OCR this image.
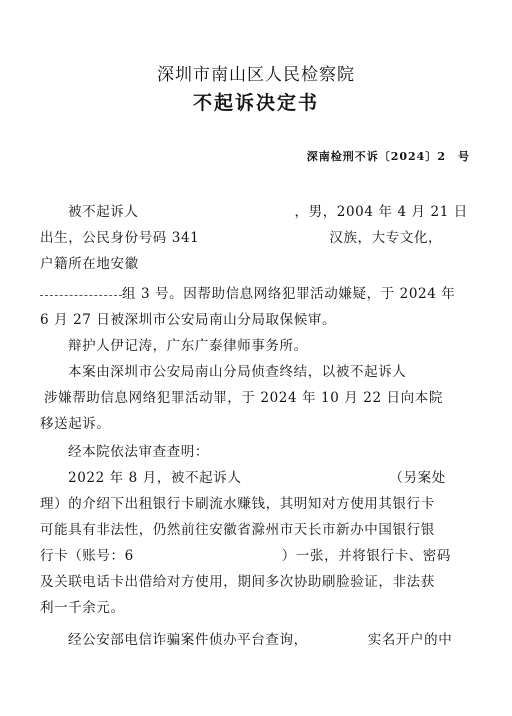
深圳市南山区人民检察院
不起诉决定书
深南检刑不诉〔2024〕2　号
被不起诉人	，男，2004 年 4 月 21 日
出生，公民身份号码 341	汉族，大专文化，
户籍所在地安徽
组 3 号。因帮助信息网络犯罪活动嫌疑，于 2024 年
6 月 27 日被深圳市公安局南山分局取保候审。
辩护人伊记涛，广东广泰律师事务所。
本案由深圳市公安局南山分局侦查终结，以被不起诉人
涉嫌帮助信息网络犯罪活动罪，于 2024 年 10 月 22 日向本院
移送起诉。
经本院依法审查查明：
2022 年 8 月，被不起诉人	（另案处
理）的介绍下出租银行卡刷流水赚钱，其明知对方使用其银行卡
可能具有非法性，仍然前往安徽省滁州市天长市新办中国银行银
行卡（账号：6	）一张，并将银行卡、密码
及关联电话卡出借给对方使用，期间多次协助刷脸验证，非法获
利一千余元。
经公安部电信诈骗案件侦办平台查询，	实名开户的中
